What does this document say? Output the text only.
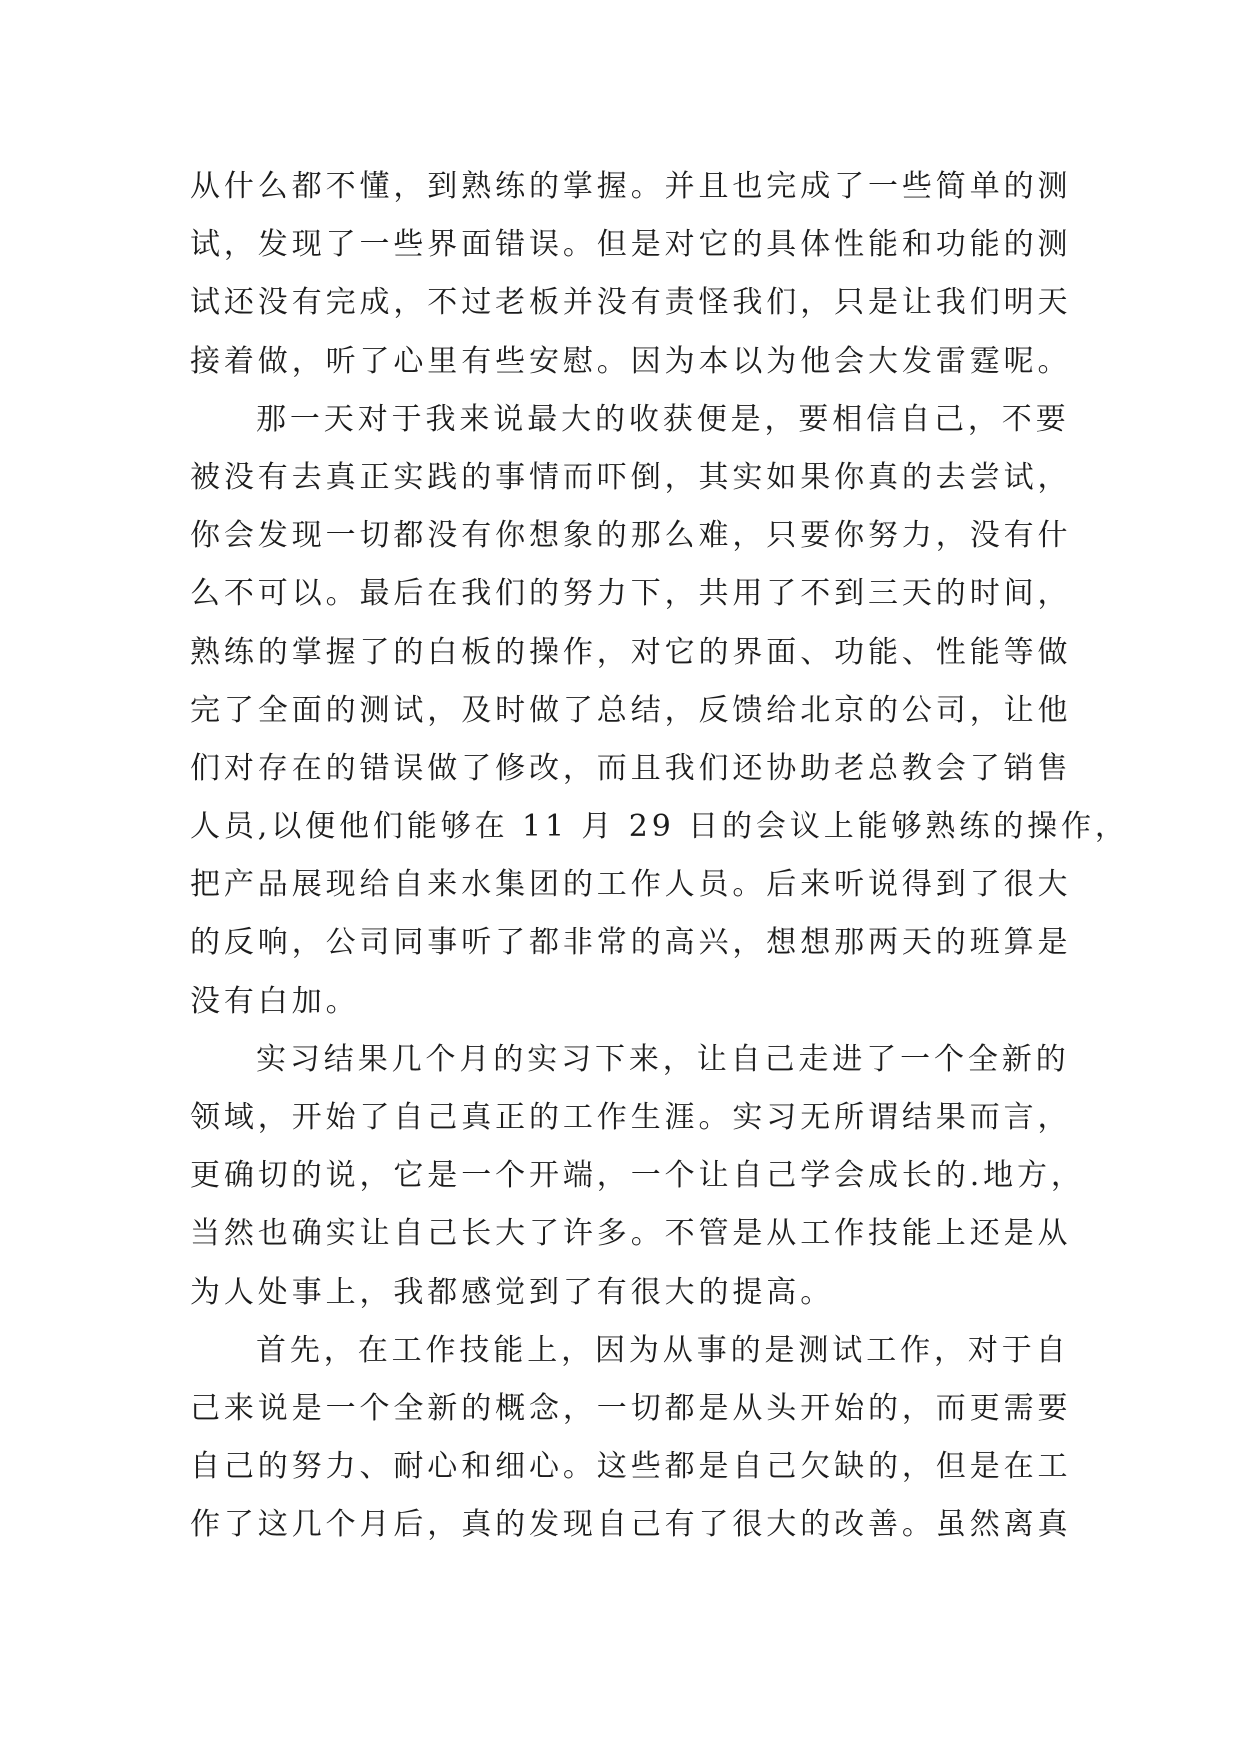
从什么都不懂，到熟练的掌握。并且也完成了一些简单的测
试，发现了一些界面错误。但是对它的具体性能和功能的测
试还没有完成，不过老板并没有责怪我们，只是让我们明天
接着做，听了心里有些安慰。因为本以为他会大发雷霆呢。
那一天对于我来说最大的收获便是，要相信自己，不要
被没有去真正实践的事情而吓倒，其实如果你真的去尝试，
你会发现一切都没有你想象的那么难，只要你努力，没有什
么不可以。最后在我们的努力下，共用了不到三天的时间，
熟练的掌握了的白板的操作，对它的界面、功能、性能等做
完了全面的测试，及时做了总结，反馈给北京的公司，让他
们对存在的错误做了修改，而且我们还协助老总教会了销售
人员,以便他们能够在 11 月 29 日的会议上能够熟练的操作，
把产品展现给自来水集团的工作人员。后来听说得到了很大
的反响，公司同事听了都非常的高兴，想想那两天的班算是
没有白加。
实习结果几个月的实习下来，让自己走进了一个全新的
领域，开始了自己真正的工作生涯。实习无所谓结果而言，
更确切的说，它是一个开端，一个让自己学会成长的.地方，
当然也确实让自己长大了许多。不管是从工作技能上还是从
为人处事上，我都感觉到了有很大的提高。
首先，在工作技能上，因为从事的是测试工作，对于自
己来说是一个全新的概念，一切都是从头开始的，而更需要
自己的努力、耐心和细心。这些都是自己欠缺的，但是在工
作了这几个月后，真的发现自己有了很大的改善。虽然离真
